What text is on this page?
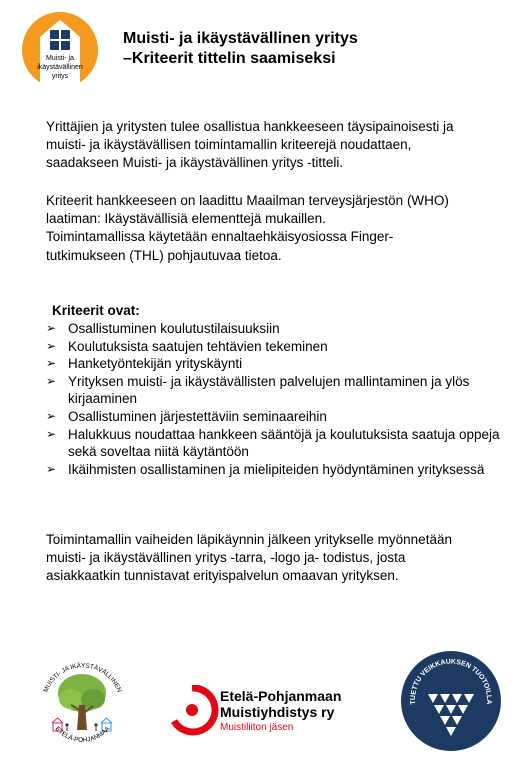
Muisti- ja
ikäystävällinen
yritys
Muisti- ja ikäystävällinen yritys
–Kriteerit tittelin saamiseksi
Yrittäjien ja yritysten tulee osallistua hankkeeseen täysipainoisesti ja
muisti- ja ikäystävällisen toimintamallin kriteerejä noudattaen,
saadakseen Muisti- ja ikäystävällinen yritys -titteli.
Kriteerit hankkeeseen on laadittu Maailman terveysjärjestön (WHO)
laatiman: Ikäystävällisiä elementtejä mukaillen.
Toimintamallissa käytetään ennaltaehkäisyosiossa Finger-
tutkimukseen (THL) pohjautuvaa tietoa.
Kriteerit ovat:
➢ Osallistuminen koulutustilaisuuksiin
➢ Koulutuksista saatujen tehtävien tekeminen
➢ Hanketyöntekijän yrityskäynti
➢ Yrityksen muisti- ja ikäystävällisten palvelujen mallintaminen ja ylös
kirjaaminen
➢ Osallistuminen järjestettäviin seminaareihin
➢ Halukkuus noudattaa hankkeen sääntöjä ja koulutuksista saatuja oppeja
sekä soveltaa niitä käytäntöön
➢ Ikäihmisten osallistaminen ja mielipiteiden hyödyntäminen yrityksessä
Toimintamallin vaiheiden läpikäynnin jälkeen yritykselle myönnetään
muisti- ja ikäystävällinen yritys -tarra, -logo ja- todistus, josta
asiakkaatkin tunnistavat erityispalvelun omaavan yrityksen.
MUISTI- JA IKÄYSTÄVÄLLINEN
ETELÄ-POHJANMAA
Etelä-Pohjanmaan
Muistiyhdistys ry
Muistiliiton jäsen
TUETTU VEIKKAUKSEN TUOTOILLA
